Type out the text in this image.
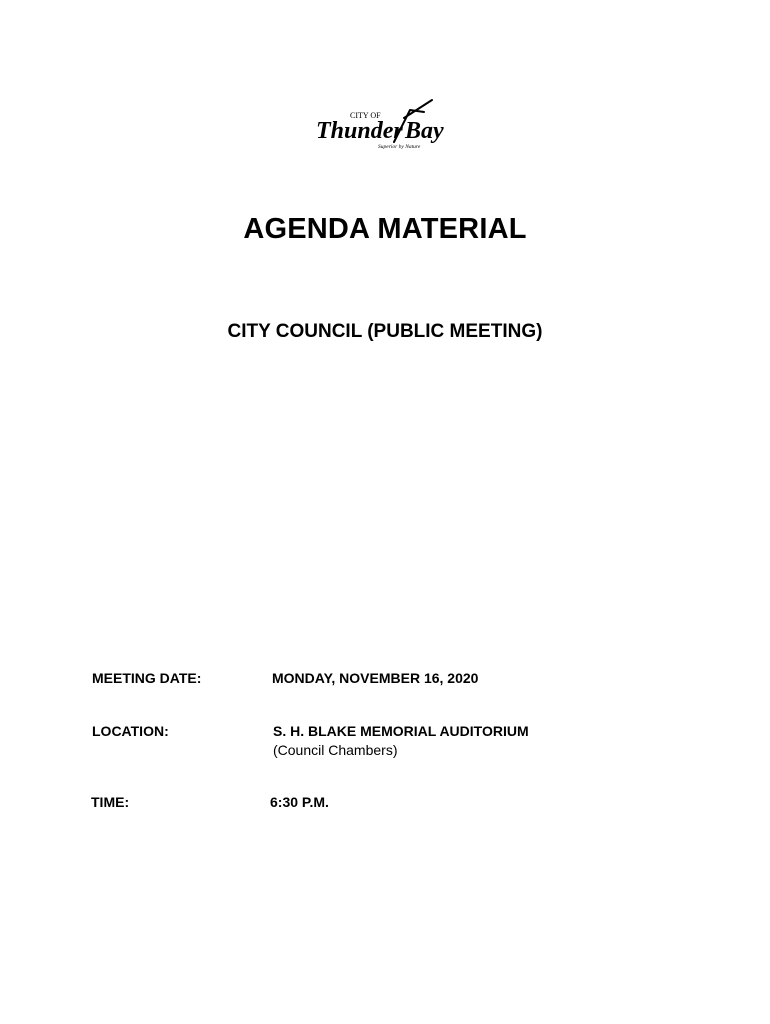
CITY OF
Thunder Bay
Superior by Nature
AGENDA MATERIAL
CITY COUNCIL (PUBLIC MEETING)
MEETING DATE:	MONDAY, NOVEMBER 16, 2020
LOCATION:	S. H. BLAKE MEMORIAL AUDITORIUM
(Council Chambers)
TIME:	6:30 P.M.
